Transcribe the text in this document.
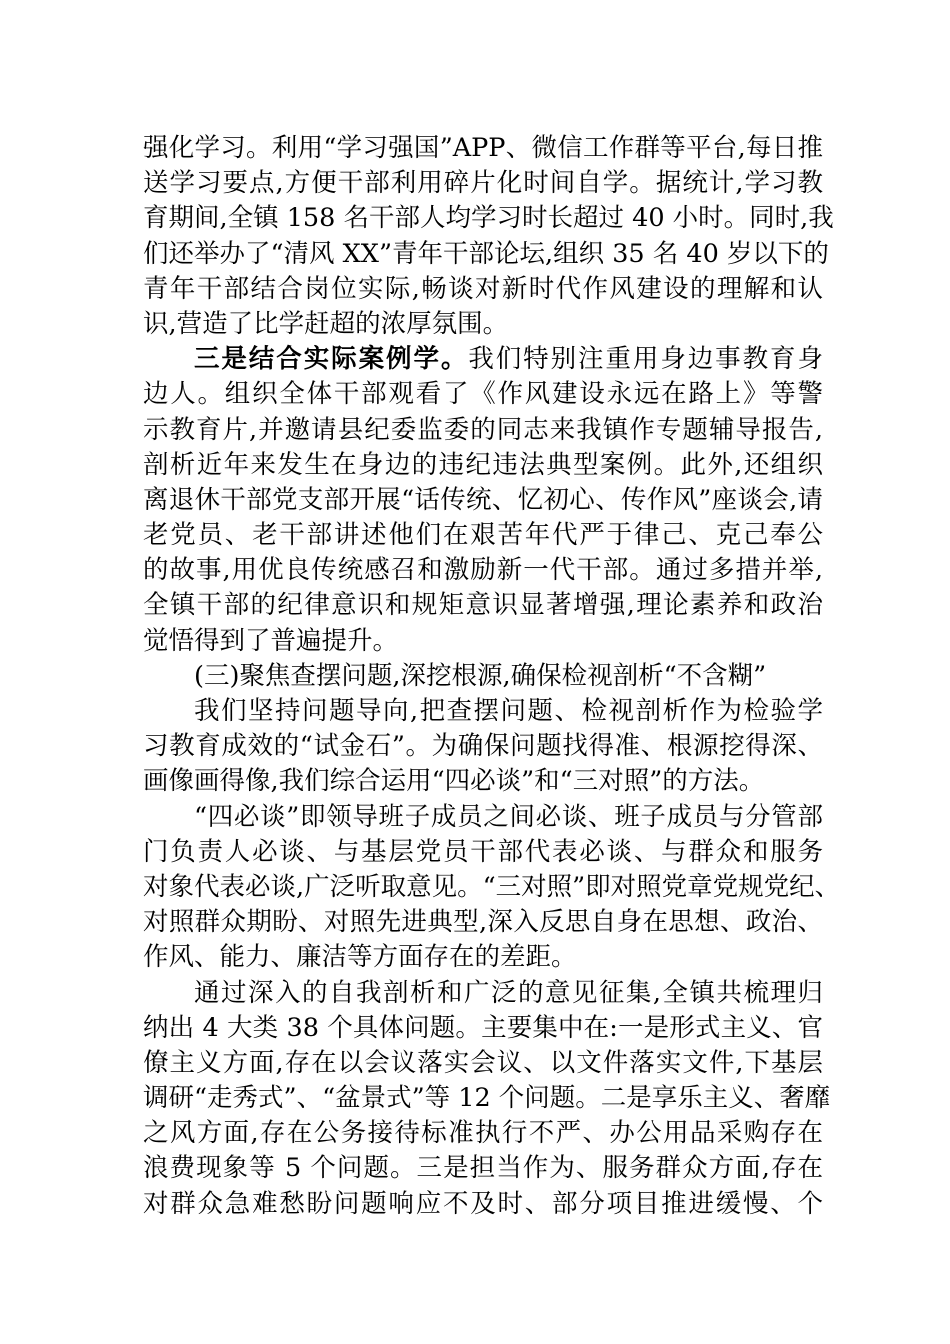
强化学习。利用“学习强国”APP、微信工作群等平台,每日推
送学习要点,方便干部利用碎片化时间自学。据统计,学习教
育期间,全镇 158 名干部人均学习时长超过 40 小时。同时,我
们还举办了“清风 XX”青年干部论坛,组织 35 名 40 岁以下的
青年干部结合岗位实际,畅谈对新时代作风建设的理解和认
识,营造了比学赶超的浓厚氛围。
三是结合实际案例学。我们特别注重用身边事教育身
边人。组织全体干部观看了《作风建设永远在路上》等警
示教育片,并邀请县纪委监委的同志来我镇作专题辅导报告,
剖析近年来发生在身边的违纪违法典型案例。此外,还组织
离退休干部党支部开展“话传统、忆初心、传作风”座谈会,请
老党员、老干部讲述他们在艰苦年代严于律己、克己奉公
的故事,用优良传统感召和激励新一代干部。通过多措并举,
全镇干部的纪律意识和规矩意识显著增强,理论素养和政治
觉悟得到了普遍提升。
(三)聚焦查摆问题,深挖根源,确保检视剖析“不含糊”
我们坚持问题导向,把查摆问题、检视剖析作为检验学
习教育成效的“试金石”。为确保问题找得准、根源挖得深、
画像画得像,我们综合运用“四必谈”和“三对照”的方法。
“四必谈”即领导班子成员之间必谈、班子成员与分管部
门负责人必谈、与基层党员干部代表必谈、与群众和服务
对象代表必谈,广泛听取意见。“三对照”即对照党章党规党纪、
对照群众期盼、对照先进典型,深入反思自身在思想、政治、
作风、能力、廉洁等方面存在的差距。
通过深入的自我剖析和广泛的意见征集,全镇共梳理归
纳出 4 大类 38 个具体问题。主要集中在:一是形式主义、官
僚主义方面,存在以会议落实会议、以文件落实文件,下基层
调研“走秀式”、“盆景式”等 12 个问题。二是享乐主义、奢靡
之风方面,存在公务接待标准执行不严、办公用品采购存在
浪费现象等 5 个问题。三是担当作为、服务群众方面,存在
对群众急难愁盼问题响应不及时、部分项目推进缓慢、个
